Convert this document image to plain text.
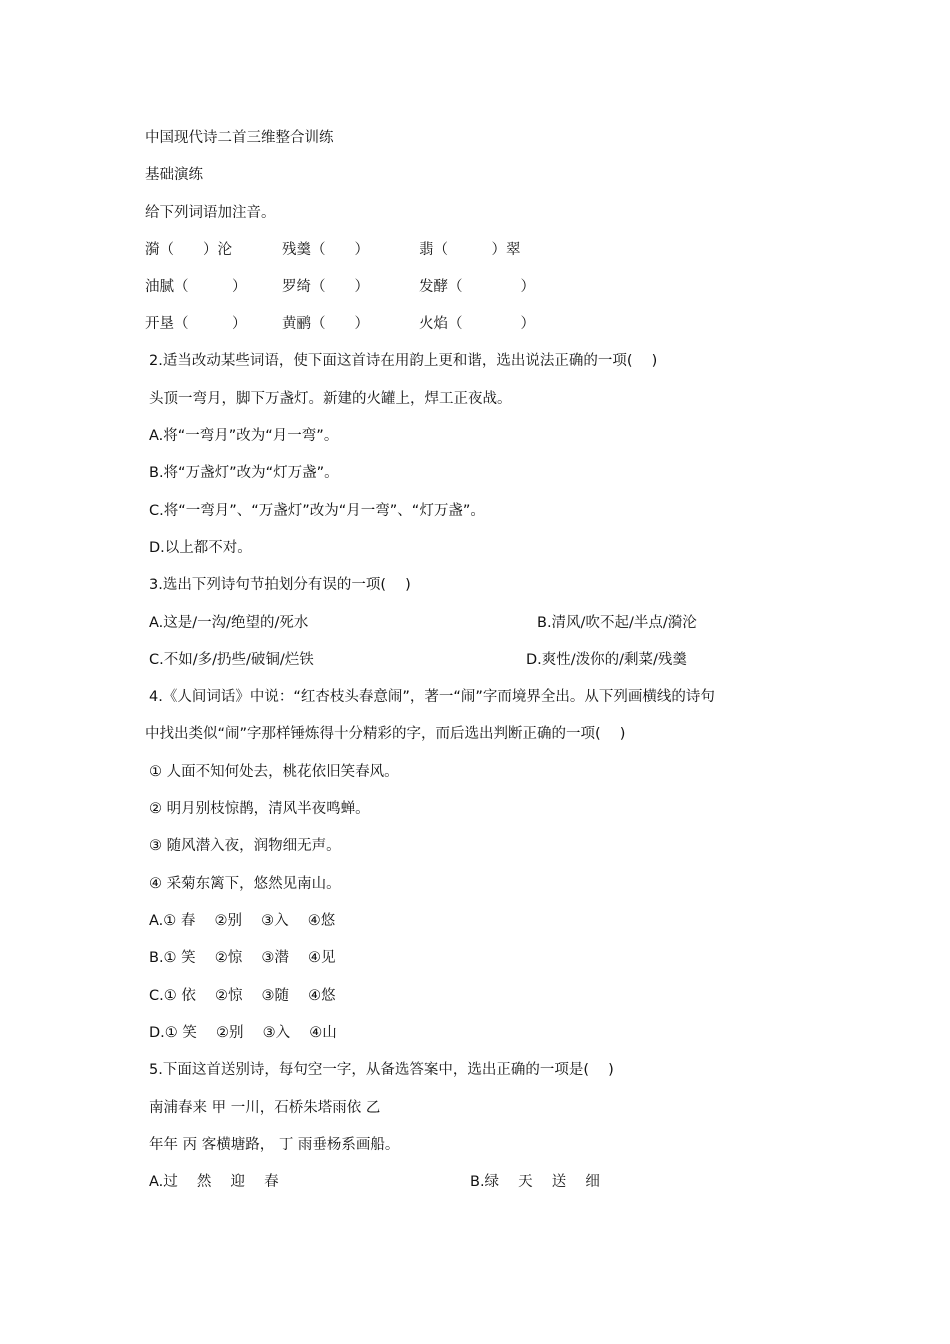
中国现代诗二首三维整合训练
基础演练
给下列词语加注音。
漪（　　）沦	残羹（　　）	翡（　　　）翠
油腻（　　　） 罗绮（　　）	发酵（　　　　）
开垦（　　　） 黄鹂（　　）	火焰（　　　　）
2.适当改动某些词语，使下面这首诗在用韵上更和谐，选出说法正确的一项(　 )
头顶一弯月，脚下万盏灯。新建的火罐上，焊工正夜战。
A.将“一弯月”改为“月一弯”。
B.将“万盏灯”改为“灯万盏”。
C.将“一弯月”、“万盏灯”改为“月一弯”、“灯万盏”。
D.以上都不对。
3.选出下列诗句节拍划分有误的一项(　 )
A.这是/一沟/绝望的/死水	B.清风/吹不起/半点/漪沦
C.不如/多/扔些/破铜/烂铁	D.爽性/泼你的/剩菜/残羹
4.《人间词话》中说：“红杏枝头春意闹”，著一“闹”字而境界全出。从下列画横线的诗句
中找出类似“闹”字那样锤炼得十分精彩的字，而后选出判断正确的一项(　 )
① 人面不知何处去，桃花依旧笑春风。
② 明月别枝惊鹊，清风半夜鸣蝉。
③ 随风潜入夜，润物细无声。
④ 采菊东篱下，悠然见南山。
A.① 春　 ②别　 ③入　 ④悠
B.① 笑　 ②惊　 ③潜　 ④见
C.① 依　 ②惊　 ③随　 ④悠
D.① 笑　 ②别　 ③入　 ④山
5.下面这首送别诗，每句空一字，从备选答案中，选出正确的一项是(　 )
南浦春来 甲 一川，石桥朱塔雨依 乙
年年 丙 客横塘路， 丁 雨垂杨系画船。
A.过　 然　 迎　 春	B.绿　 天　 送　 细
